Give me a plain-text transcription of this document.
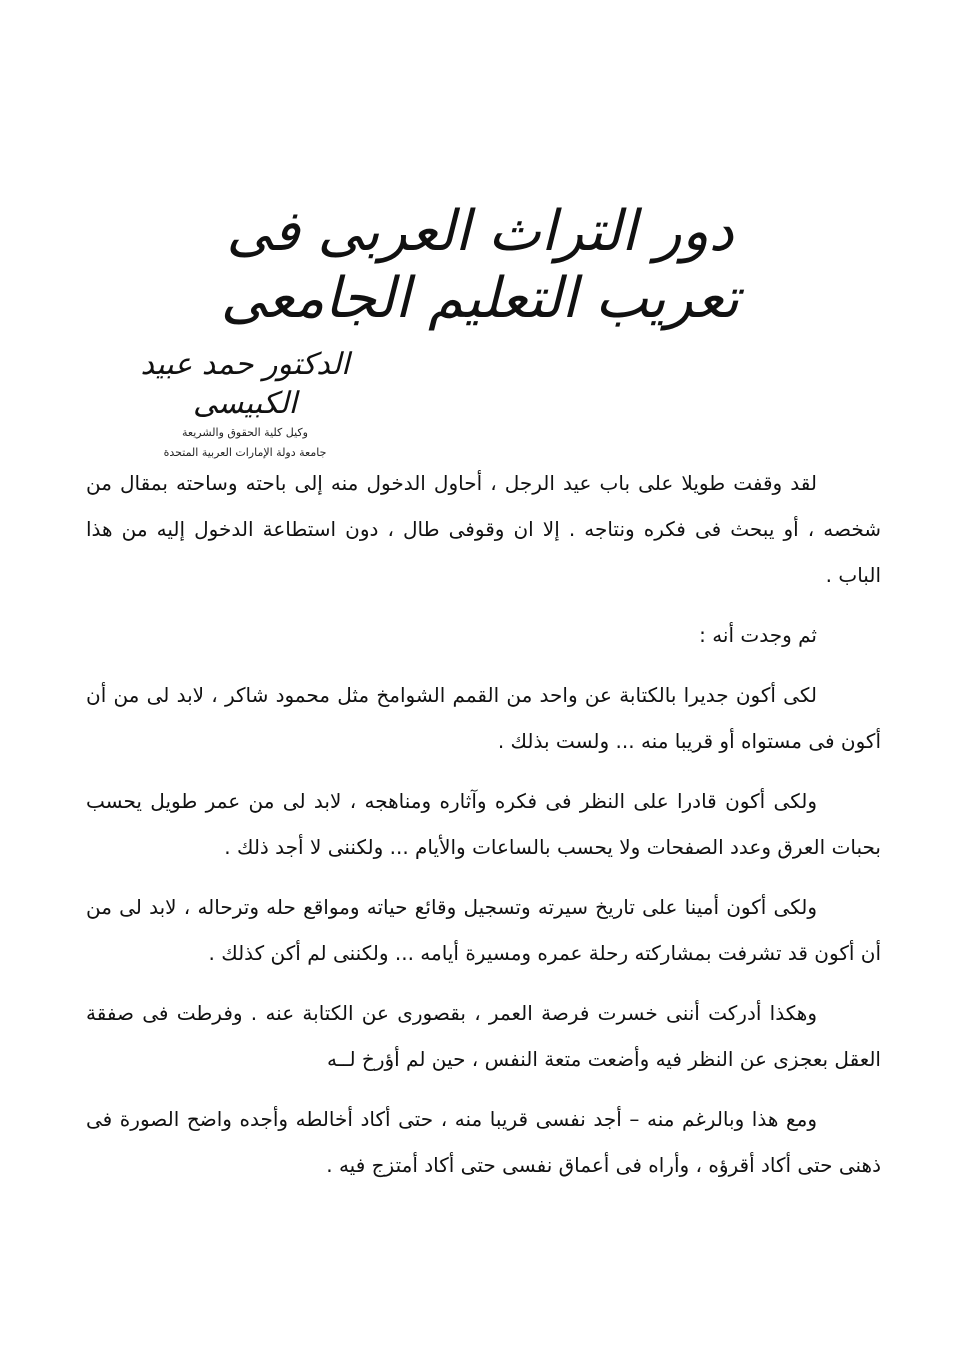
دور التراث العربى فى تعريب التعليم الجامعى
الدكتور حمد عبيد الكبيسى
وكيل كلية الحقوق والشريعة
جامعة دولة الإمارات العربية المتحدة

لقد وقفت طويلا على باب عيد الرجل ، أحاول الدخول منه إلى باحته وساحته بمقال من شخصه ، أو يبحث فى فكره ونتاجه . إلا ان وقوفى طال ، دون استطاعة الدخول إليه من هذا الباب .

ثم وجدت أنه :

لكى أكون جديرا بالكتابة عن واحد من القمم الشوامخ مثل محمود شاكر ، لابد لى من أن أكون فى مستواه أو قريبا منه ... ولست بذلك .

ولكى أكون قادرا على النظر فى فكره وآثاره ومناهجه ، لابد لى من عمر طويل يحسب بحبات العرق وعدد الصفحات ولا يحسب بالساعات والأيام ... ولكننى لا أجد ذلك .

ولكى أكون أمينا على تاريخ سيرته وتسجيل وقائع حياته ومواقع حله وترحاله ، لابد لى من أن أكون قد تشرفت بمشاركته رحلة عمره ومسيرة أيامه ... ولكننى لم أكن كذلك .

وهكذا أدركت أننى خسرت فرصة العمر ، بقصورى عن الكتابة عنه . وفرطت فى صفقة العقل بعجزى عن النظر فيه وأضعت متعة النفس ، حين لم أؤرخ لــه

ومع هذا وبالرغم منه – أجد نفسى قريبا منه ، حتى أكاد أخالطه وأجده واضح الصورة فى ذهنى حتى أكاد أقرؤه ، وأراه فى أعماق نفسى حتى أكاد أمتزج فيه .
